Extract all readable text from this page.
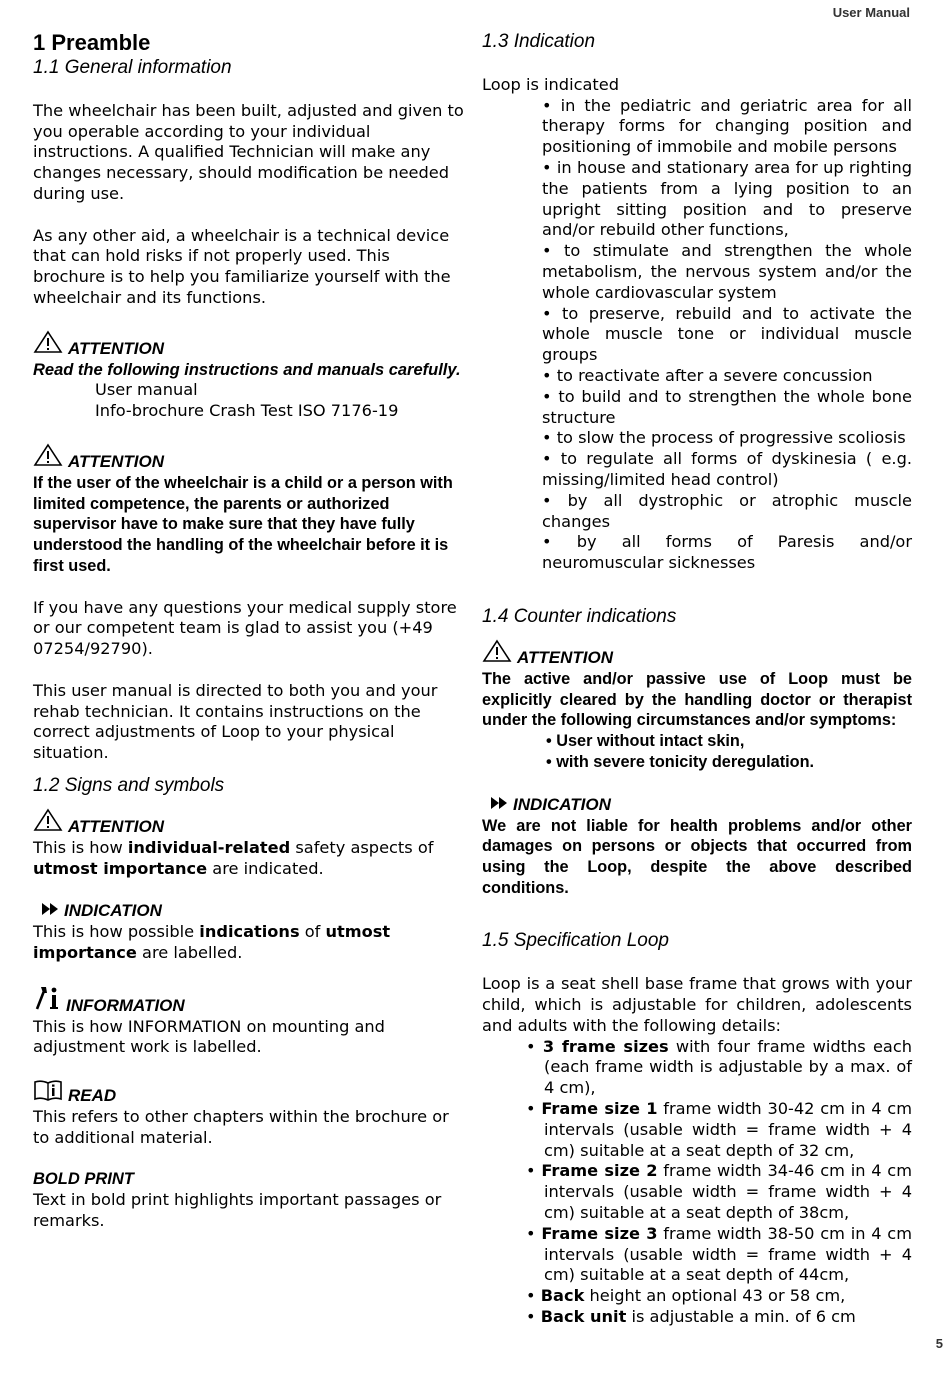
User Manual
1 Preamble
1.1 General information

The wheelchair has been built, adjusted and given to you operable according to your individual instructions. A qualified Technician will make any changes necessary, should modification be needed during use.

As any other aid, a wheelchair is a technical device that can hold risks if not properly used. This brochure is to help you familiarize yourself with the wheelchair and its functions.

ATTENTION

Read the following instructions and manuals carefully.

User manual

Info-brochure Crash Test ISO 7176-19

ATTENTION

If the user of the wheelchair is a child or a person with limited competence, the parents or authorized supervisor have to make sure that they have fully understood the handling of the wheelchair before it is first used.

If you have any questions your medical supply store or our competent team is glad to assist you (+49 07254/92790).

This user manual is directed to both you and your rehab technician. It contains instructions on the correct adjustments of Loop to your physical situation.

1.2 Signs and symbols
ATTENTION

This is how individual-related safety aspects of utmost importance are indicated.

INDICATION

This is how possible indications of utmost importance are labelled.

INFORMATION

This is how INFORMATION on mounting and adjustment work is labelled.

READ

This refers to other chapters within the brochure or to additional material.

BOLD PRINT

Text in bold print highlights important passages or remarks.

1.3 Indication

Loop is indicated

• in the pediatric and geriatric area for all therapy forms for changing position and positioning of immobile and mobile persons

• in house and stationary area for up righting the patients from a lying position to an upright sitting position and to preserve and/or rebuild other functions,

• to stimulate and strengthen the whole metabolism, the nervous system and/or the whole cardiovascular system

• to preserve, rebuild and to activate the whole muscle tone or individual muscle groups

• to reactivate after a severe concussion

• to build and to strengthen the whole bone structure

• to slow the process of progressive scoliosis

• to regulate all forms of dyskinesia ( e.g. missing/limited head control)

• by all dystrophic or atrophic muscle changes

• by all forms of Paresis and/or neuromuscular sicknesses

1.4 Counter indications
ATTENTION

The active and/or passive use of Loop must be explicitly cleared by the handling doctor or therapist under the following circumstances and/or symptoms:

• User without intact skin,

• with severe tonicity deregulation.

INDICATION

We are not liable for health problems and/or other damages on persons or objects that occurred from using the Loop, despite the above described conditions.

1.5 Specification Loop

Loop is a seat shell base frame that grows with your child, which is adjustable for children, adolescents and adults with the following details:

• 3 frame sizes with four frame widths each (each frame width is adjustable by a max. of 4 cm),

• Frame size 1 frame width 30-42 cm in 4 cm intervals (usable width = frame width + 4 cm) suitable at a seat depth of 32 cm,

• Frame size 2 frame width 34-46 cm in 4 cm intervals (usable width = frame width + 4 cm) suitable at a seat depth of 38cm,

• Frame size 3 frame width 38-50 cm in 4 cm intervals (usable width = frame width + 4 cm) suitable at a seat depth of 44cm,

• Back height an optional 43 or 58 cm,

• Back unit is adjustable a min. of 6 cm

5
